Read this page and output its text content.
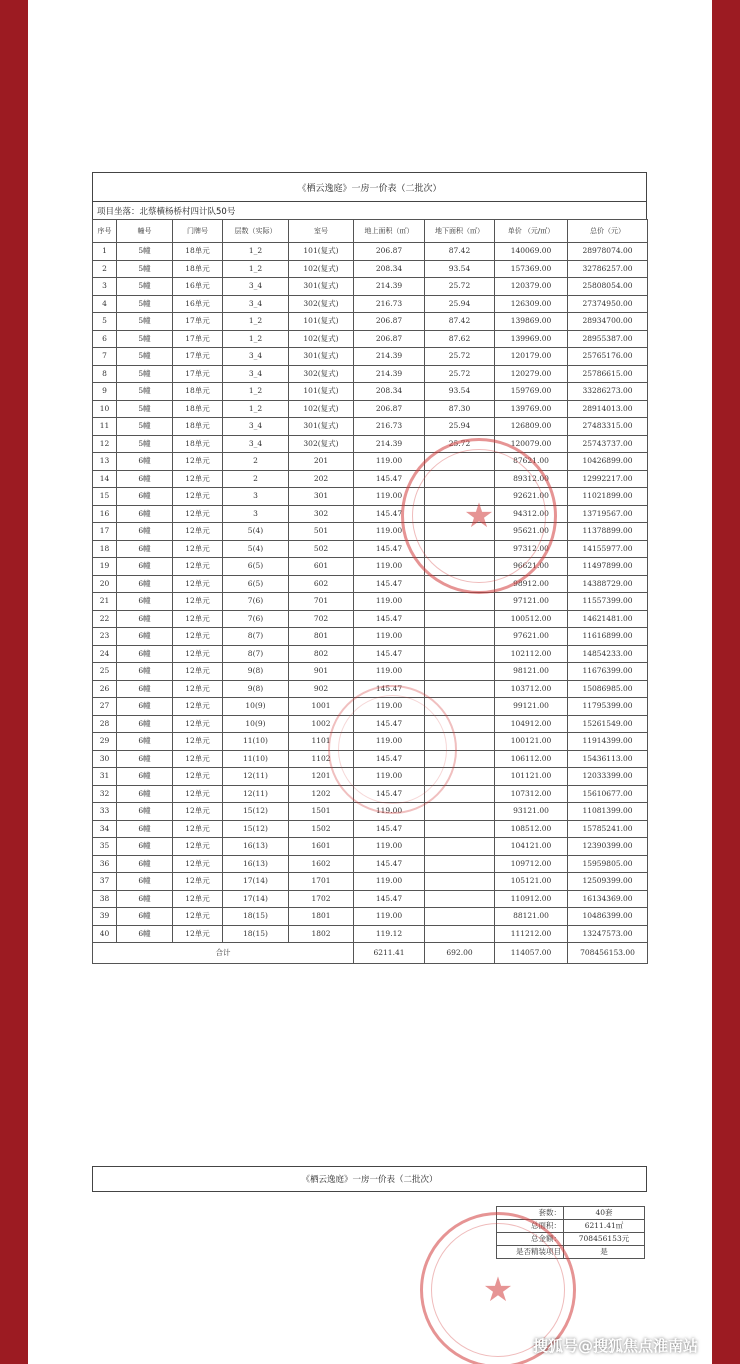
《栖云逸庭》一房一价表（二批次）
项目坐落：北蔡横杨桥村四计队50号
序号	幢号	门牌号	层数（实际）	室号	地上面积（㎡）	地下面积（㎡）	单价 （元/㎡）	总价（元）
1	5幢	18单元	1_2	101(复式)	206.87	87.42	140069.00	28978074.00
2	5幢	18单元	1_2	102(复式)	208.34	93.54	157369.00	32786257.00
3	5幢	16单元	3_4	301(复式)	214.39	25.72	120379.00	25808054.00
4	5幢	16单元	3_4	302(复式)	216.73	25.94	126309.00	27374950.00
5	5幢	17单元	1_2	101(复式)	206.87	87.42	139869.00	28934700.00
6	5幢	17单元	1_2	102(复式)	206.87	87.62	139969.00	28955387.00
7	5幢	17单元	3_4	301(复式)	214.39	25.72	120179.00	25765176.00
8	5幢	17单元	3_4	302(复式)	214.39	25.72	120279.00	25786615.00
9	5幢	18单元	1_2	101(复式)	208.34	93.54	159769.00	33286273.00
10	5幢	18单元	1_2	102(复式)	206.87	87.30	139769.00	28914013.00
11	5幢	18单元	3_4	301(复式)	216.73	25.94	126809.00	27483315.00
12	5幢	18单元	3_4	302(复式)	214.39	25.72	120079.00	25743737.00
13	6幢	12单元	2	201	119.00		87621.00	10426899.00
14	6幢	12单元	2	202	145.47		89312.00	12992217.00
15	6幢	12单元	3	301	119.00		92621.00	11021899.00
16	6幢	12单元	3	302	145.47		94312.00	13719567.00
17	6幢	12单元	5(4)	501	119.00		95621.00	11378899.00
18	6幢	12单元	5(4)	502	145.47		97312.00	14155977.00
19	6幢	12单元	6(5)	601	119.00		96621.00	11497899.00
20	6幢	12单元	6(5)	602	145.47		98912.00	14388729.00
21	6幢	12单元	7(6)	701	119.00		97121.00	11557399.00
22	6幢	12单元	7(6)	702	145.47		100512.00	14621481.00
23	6幢	12单元	8(7)	801	119.00		97621.00	11616899.00
24	6幢	12单元	8(7)	802	145.47		102112.00	14854233.00
25	6幢	12单元	9(8)	901	119.00		98121.00	11676399.00
26	6幢	12单元	9(8)	902	145.47		103712.00	15086985.00
27	6幢	12单元	10(9)	1001	119.00		99121.00	11795399.00
28	6幢	12单元	10(9)	1002	145.47		104912.00	15261549.00
29	6幢	12单元	11(10)	1101	119.00		100121.00	11914399.00
30	6幢	12单元	11(10)	1102	145.47		106112.00	15436113.00
31	6幢	12单元	12(11)	1201	119.00		101121.00	12033399.00
32	6幢	12单元	12(11)	1202	145.47		107312.00	15610677.00
33	6幢	12单元	15(12)	1501	119.00		93121.00	11081399.00
34	6幢	12单元	15(12)	1502	145.47		108512.00	15785241.00
35	6幢	12单元	16(13)	1601	119.00		104121.00	12390399.00
36	6幢	12单元	16(13)	1602	145.47		109712.00	15959805.00
37	6幢	12单元	17(14)	1701	119.00		105121.00	12509399.00
38	6幢	12单元	17(14)	1702	145.47		110912.00	16134369.00
39	6幢	12单元	18(15)	1801	119.00		88121.00	10486399.00
40	6幢	12单元	18(15)	1802	119.12		111212.00	13247573.00
合计					6211.41	692.00	114057.00	708456153.00
★
《栖云逸庭》一房一价表（二批次）
套数：	40套
总面积：	6211.41㎡
总金额：	708456153元
是否精装项目	是
★
搜狐号@搜狐焦点淮南站
